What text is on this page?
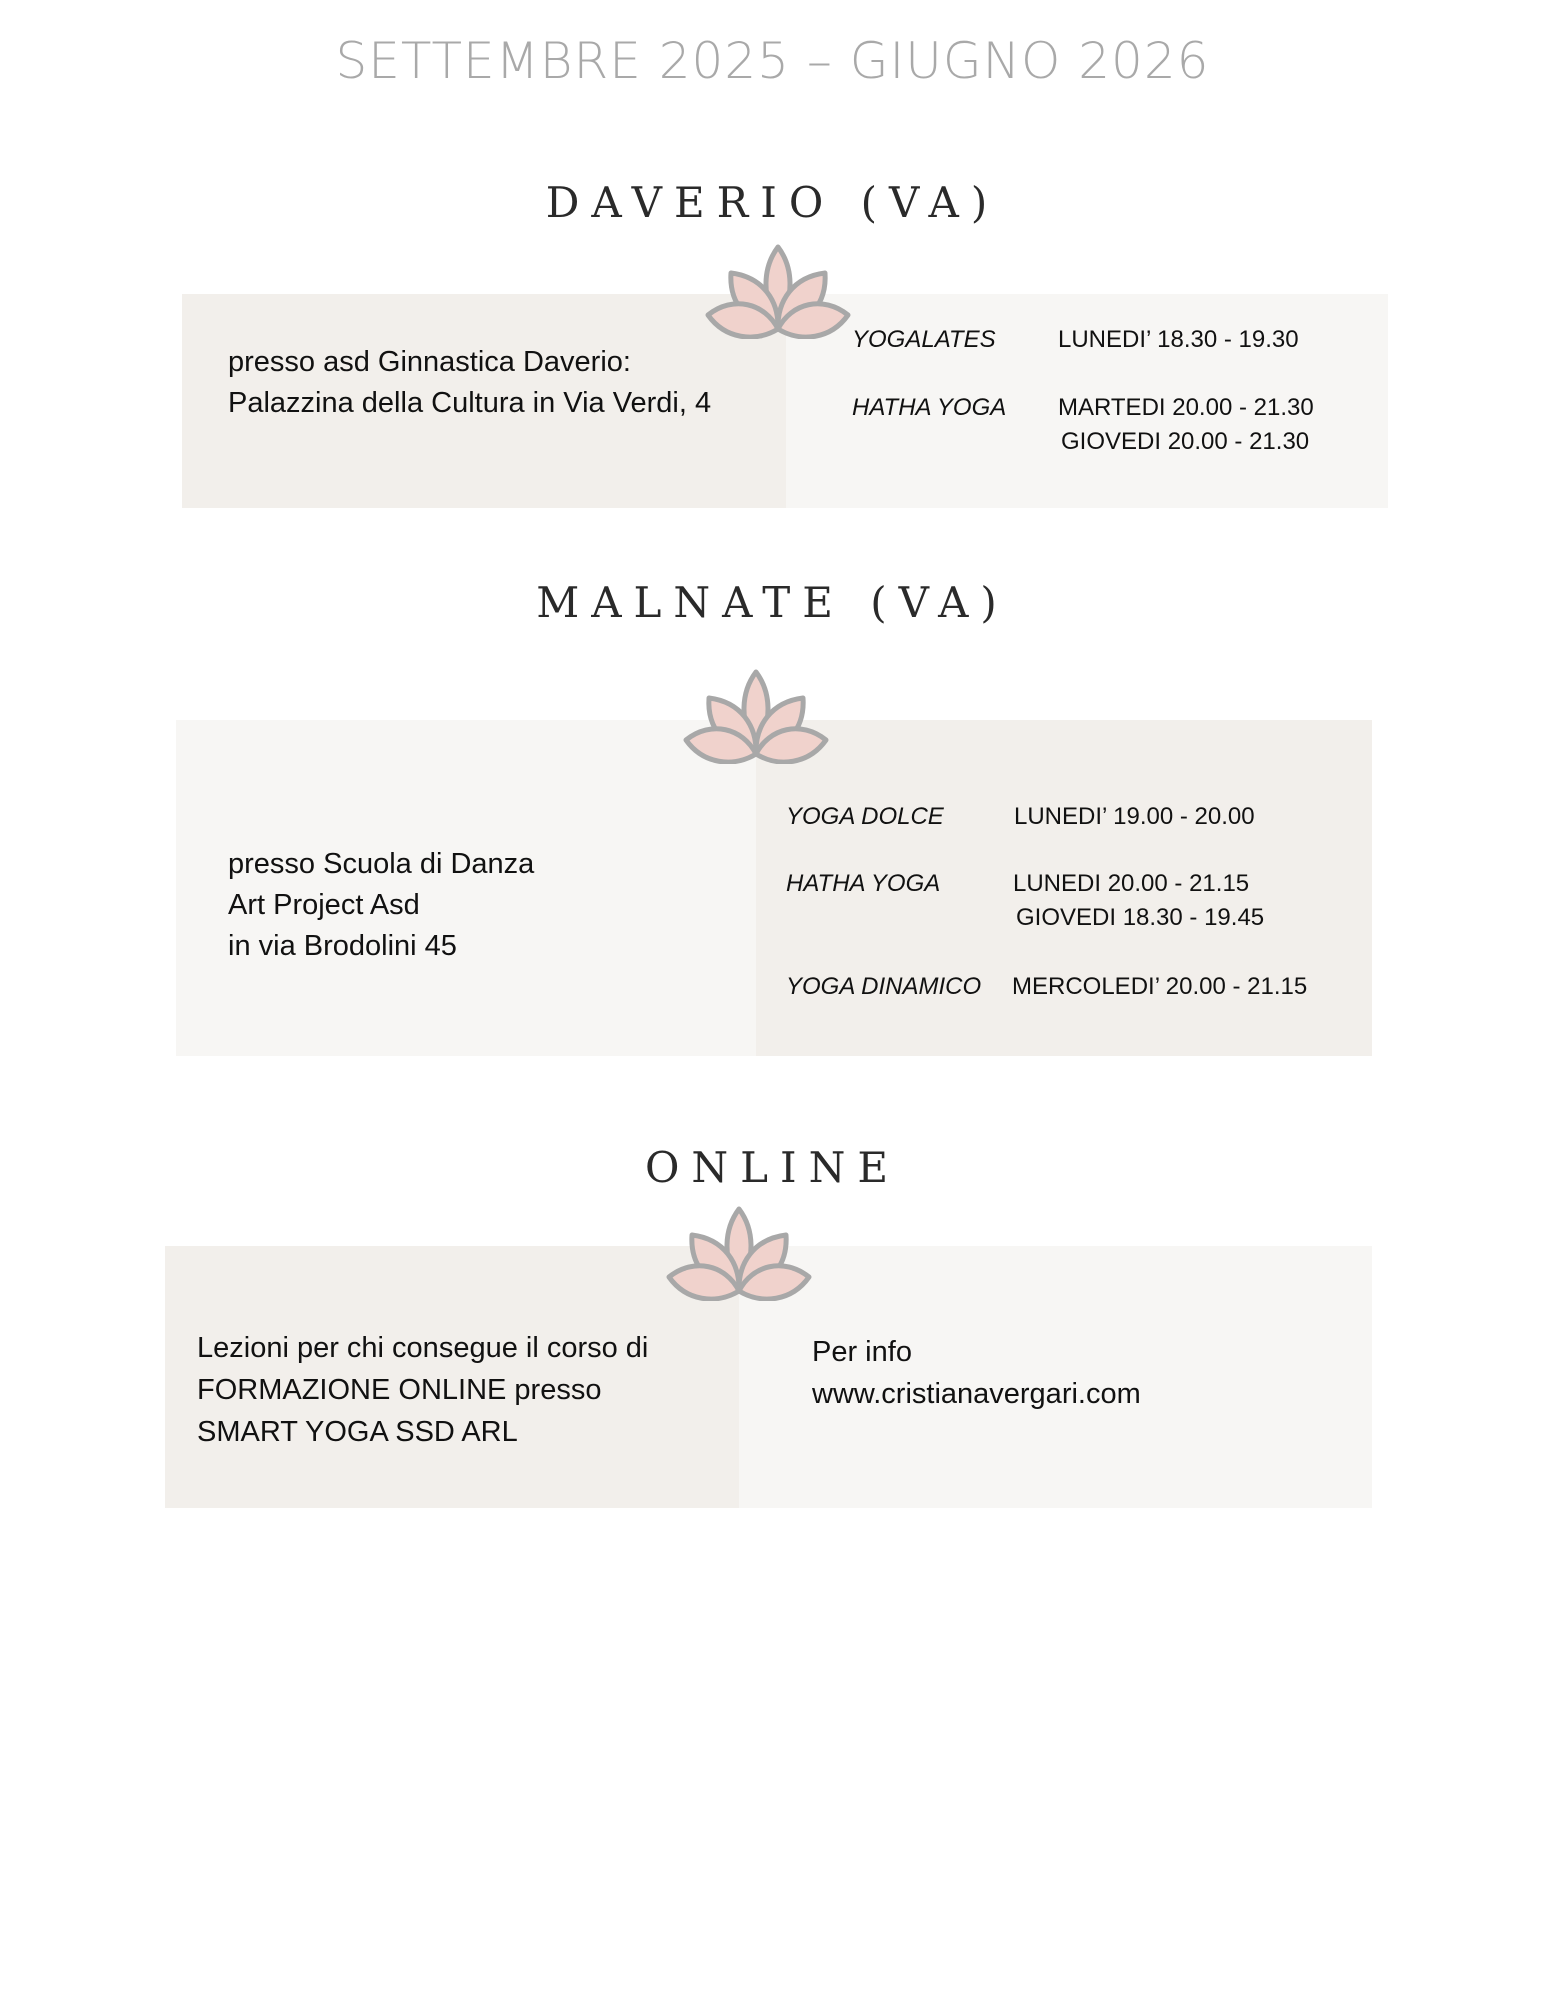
SETTEMBRE 2025 – GIUGNO 2026
DAVERIO (VA)
presso asd Ginnastica Daverio:
Palazzina della Cultura in Via Verdi, 4
YOGALATES	LUNEDI’ 18.30 - 19.30
HATHA YOGA MARTEDI 20.00 - 21.30
GIOVEDI 20.00 - 21.30
MALNATE (VA)
presso Scuola di Danza
Art Project Asd
in via Brodolini 45
YOGA DOLCE	LUNEDI’ 19.00 - 20.00
HATHA YOGA	LUNEDI 20.00 - 21.15
GIOVEDI 18.30 - 19.45
YOGA DINAMICO MERCOLEDI’ 20.00 - 21.15
ONLINE
Lezioni per chi consegue il corso di
FORMAZIONE ONLINE presso
SMART YOGA SSD ARL
Per info
www.cristianavergari.com
